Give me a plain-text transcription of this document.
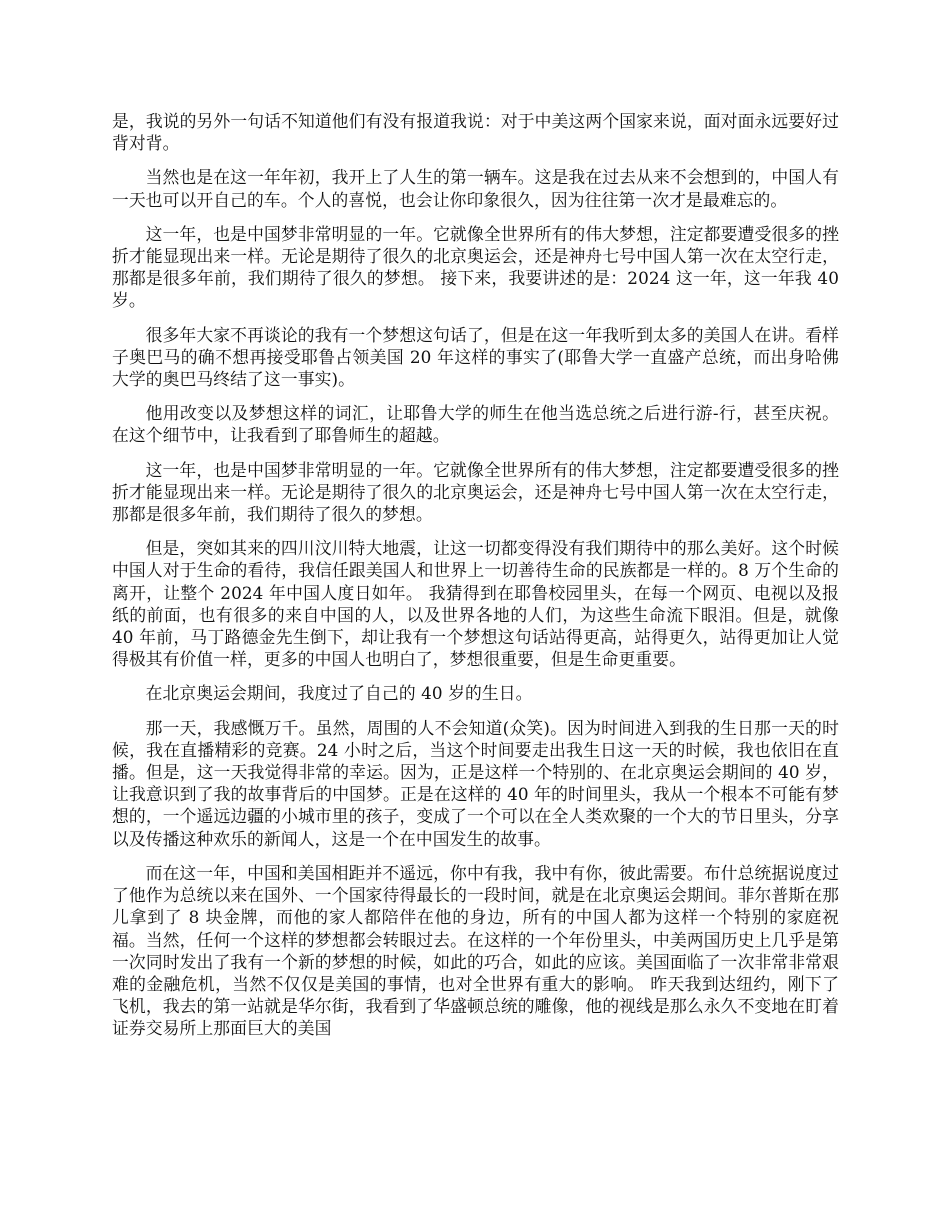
是，我说的另外一句话不知道他们有没有报道我说：对于中美这两个国家来说，面对面永远要好过背对背。

当然也是在这一年年初，我开上了人生的第一辆车。这是我在过去从来不会想到的，中国人有一天也可以开自己的车。个人的喜悦，也会让你印象很久，因为往往第一次才是最难忘的。

这一年，也是中国梦非常明显的一年。它就像全世界所有的伟大梦想，注定都要遭受很多的挫折才能显现出来一样。无论是期待了很久的北京奥运会，还是神舟七号中国人第一次在太空行走，那都是很多年前，我们期待了很久的梦想。 接下来，我要讲述的是：2024 这一年，这一年我 40 岁。

很多年大家不再谈论的我有一个梦想这句话了，但是在这一年我听到太多的美国人在讲。看样子奥巴马的确不想再接受耶鲁占领美国 20 年这样的事实了(耶鲁大学一直盛产总统，而出身哈佛大学的奥巴马终结了这一事实)。

他用改变以及梦想这样的词汇，让耶鲁大学的师生在他当选总统之后进行游-行，甚至庆祝。在这个细节中，让我看到了耶鲁师生的超越。

这一年，也是中国梦非常明显的一年。它就像全世界所有的伟大梦想，注定都要遭受很多的挫折才能显现出来一样。无论是期待了很久的北京奥运会，还是神舟七号中国人第一次在太空行走，那都是很多年前，我们期待了很久的梦想。

但是，突如其来的四川汶川特大地震，让这一切都变得没有我们期待中的那么美好。这个时候中国人对于生命的看待，我信任跟美国人和世界上一切善待生命的民族都是一样的。8 万个生命的离开，让整个 2024 年中国人度日如年。 我猜得到在耶鲁校园里头，在每一个网页、电视以及报纸的前面，也有很多的来自中国的人，以及世界各地的人们，为这些生命流下眼泪。但是，就像 40 年前，马丁路德金先生倒下，却让我有一个梦想这句话站得更高，站得更久，站得更加让人觉得极其有价值一样，更多的中国人也明白了，梦想很重要，但是生命更重要。

在北京奥运会期间，我度过了自己的 40 岁的生日。

那一天，我感慨万千。虽然，周围的人不会知道(众笑)。因为时间进入到我的生日那一天的时候，我在直播精彩的竞赛。24 小时之后，当这个时间要走出我生日这一天的时候，我也依旧在直播。但是，这一天我觉得非常的幸运。因为，正是这样一个特别的、在北京奥运会期间的 40 岁，让我意识到了我的故事背后的中国梦。正是在这样的 40 年的时间里头，我从一个根本不可能有梦想的，一个遥远边疆的小城市里的孩子，变成了一个可以在全人类欢聚的一个大的节日里头，分享以及传播这种欢乐的新闻人，这是一个在中国发生的故事。

而在这一年，中国和美国相距并不遥远，你中有我，我中有你，彼此需要。布什总统据说度过了他作为总统以来在国外、一个国家待得最长的一段时间，就是在北京奥运会期间。菲尔普斯在那儿拿到了 8 块金牌，而他的家人都陪伴在他的身边，所有的中国人都为这样一个特别的家庭祝福。当然，任何一个这样的梦想都会转眼过去。在这样的一个年份里头，中美两国历史上几乎是第一次同时发出了我有一个新的梦想的时候，如此的巧合，如此的应该。美国面临了一次非常非常艰难的金融危机，当然不仅仅是美国的事情，也对全世界有重大的影响。 昨天我到达纽约，刚下了飞机，我去的第一站就是华尔街，我看到了华盛顿总统的雕像，他的视线是那么永久不变地在盯着证券交易所上那面巨大的美国
